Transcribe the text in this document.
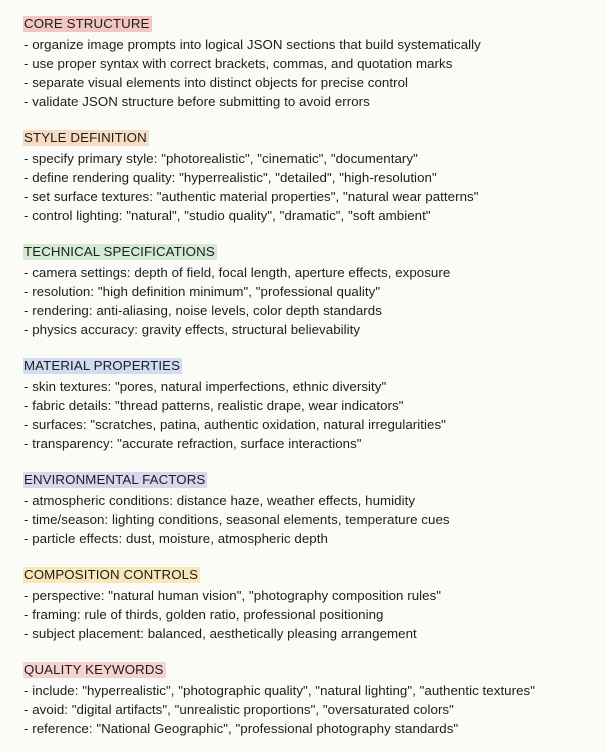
CORE STRUCTURE
- organize image prompts into logical JSON sections that build systematically
- use proper syntax with correct brackets, commas, and quotation marks
- separate visual elements into distinct objects for precise control
- validate JSON structure before submitting to avoid errors
STYLE DEFINITION
- specify primary style: "photorealistic", "cinematic", "documentary"
- define rendering quality: "hyperrealistic", "detailed", "high-resolution"
- set surface textures: "authentic material properties", "natural wear patterns"
- control lighting: "natural", "studio quality", "dramatic", "soft ambient"
TECHNICAL SPECIFICATIONS
- camera settings: depth of field, focal length, aperture effects, exposure
- resolution: "high definition minimum", "professional quality"
- rendering: anti-aliasing, noise levels, color depth standards
- physics accuracy: gravity effects, structural believability
MATERIAL PROPERTIES
- skin textures: "pores, natural imperfections, ethnic diversity"
- fabric details: "thread patterns, realistic drape, wear indicators"
- surfaces: "scratches, patina, authentic oxidation, natural irregularities"
- transparency: "accurate refraction, surface interactions"
ENVIRONMENTAL FACTORS
- atmospheric conditions: distance haze, weather effects, humidity
- time/season: lighting conditions, seasonal elements, temperature cues
- particle effects: dust, moisture, atmospheric depth
COMPOSITION CONTROLS
- perspective: "natural human vision", "photography composition rules"
- framing: rule of thirds, golden ratio, professional positioning
- subject placement: balanced, aesthetically pleasing arrangement
QUALITY KEYWORDS
- include: "hyperrealistic", "photographic quality", "natural lighting", "authentic textures"
- avoid: "digital artifacts", "unrealistic proportions", "oversaturated colors"
- reference: "National Geographic", "professional photography standards"
